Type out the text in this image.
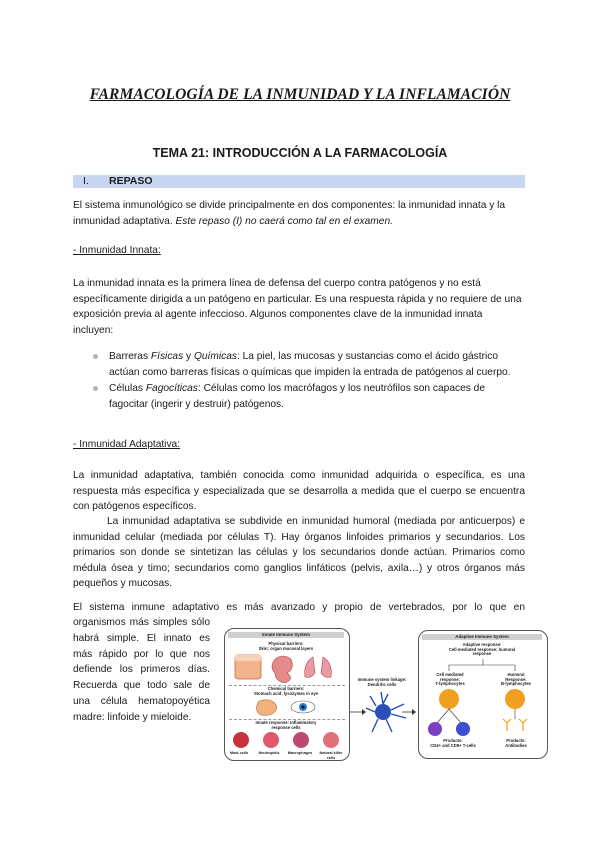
FARMACOLOGÍA DE LA INMUNIDAD Y LA INFLAMACIÓN
TEMA 21: INTRODUCCIÓN A LA FARMACOLOGÍA
I. REPASO
El sistema inmunológico se divide principalmente en dos componentes: la inmunidad innata y la inmunidad adaptativa. Este repaso (I) no caerá como tal en el examen.
- Inmunidad Innata:
La inmunidad innata es la primera línea de defensa del cuerpo contra patógenos y no está específicamente dirigida a un patógeno en particular. Es una respuesta rápida y no requiere de una exposición previa al agente infeccioso. Algunos componentes clave de la inmunidad innata incluyen:
Barreras Físicas y Químicas: La piel, las mucosas y sustancias como el ácido gástrico actúan como barreras físicas o químicas que impiden la entrada de patógenos al cuerpo.
Células Fagocíticas: Células como los macrófagos y los neutrófilos son capaces de fagocitar (ingerir y destruir) patógenos.
- Inmunidad Adaptativa:
La inmunidad adaptativa, también conocida como inmunidad adquirida o específica, es una respuesta más específica y especializada que se desarrolla a medida que el cuerpo se encuentra con patógenos específicos.
La inmunidad adaptativa se subdivide en inmunidad humoral (mediada por anticuerpos) e inmunidad celular (mediada por células T). Hay órganos linfoides primarios y secundarios. Los primarios son donde se sintetizan las células y los secundarios donde actúan. Primarios como médula ósea y timo; secundarios como ganglios linfáticos (pelvis, axila…) y otros órganos más pequeños y mucosas.
El sistema inmune adaptativo es más avanzado y propio de vertebrados, por lo que en
organismos más simples sólo habrá simple. El innato es más rápido por lo que nos defiende los primeros días. Recuerda que todo sale de una célula hematopoyética madre: linfoide y mieloide.
Innate Immune System
Physical barriers:
Skin; organ mucosal layers
Chemical barriers:
Stomach acid; lysozymes in eye
Innate response: Inflammatory
response cells
Mast cells	Neutrophils	Macrophages	Natural killer cells
Immune system linkage:
Dendritic cells
Adaptive Immune System
Adaptive response:
Cell-mediated response; humoral
response
Cell mediated
response:
T-lymphocytes
Humoral
Response:
B-lymphocytes
Products:
CD4+ and CD8+ T-cells
Products:
Antibodies
